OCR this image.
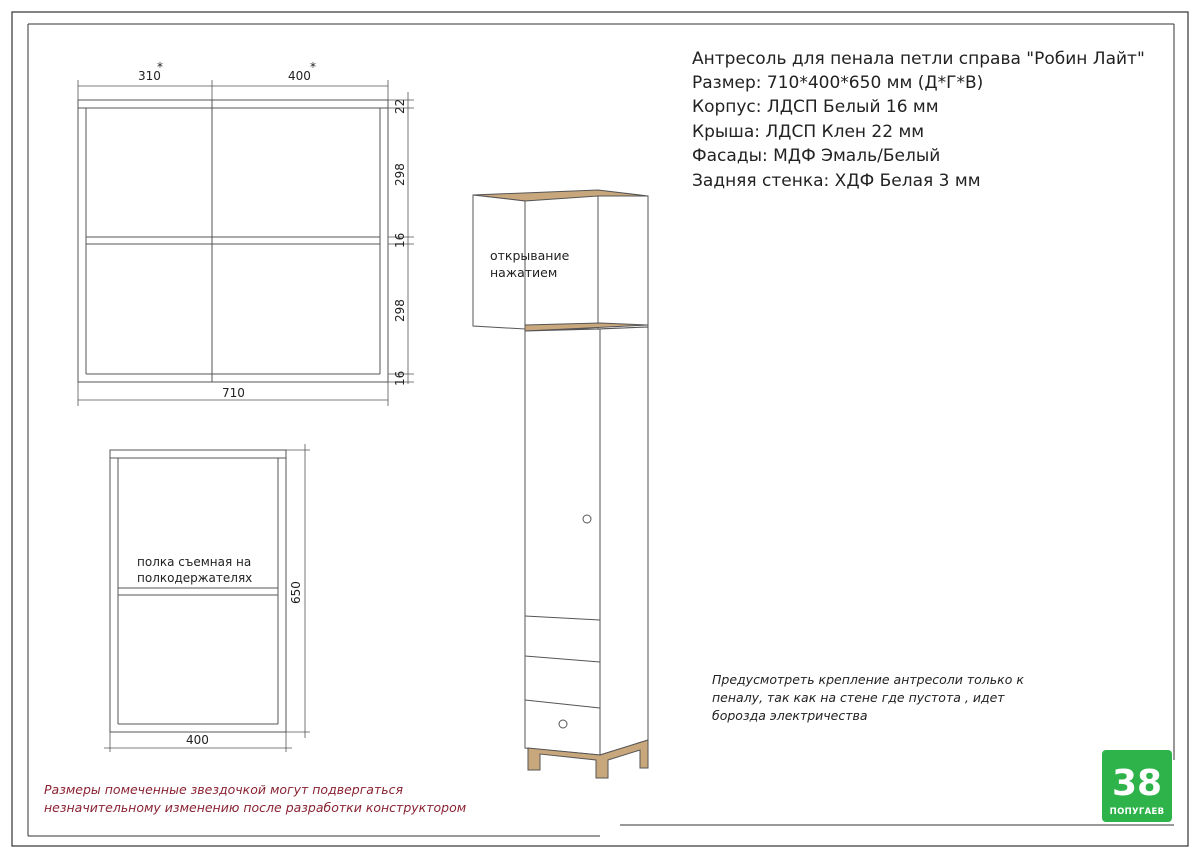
310
*
400
*
710
22
298
16
298
16
400
650
полка съемная на
полкодержателях
открывание
нажатием
Антресоль для пенала петли справа "Робин Лайт"
Размер: 710*400*650 мм (Д*Г*В)
Корпус: ЛДСП Белый 16 мм
Крыша: ЛДСП Клен 22 мм
Фасады: МДФ Эмаль/Белый
Задняя стенка: ХДФ Белая 3 мм
Предусмотреть крепление антресоли только к
пеналу, так как на стене где пустота , идет
борозда электричества
Размеры помеченные звездочкой могут подвергаться
незначительному изменению после разработки конструктором
38
ПОПУГАЕВ
